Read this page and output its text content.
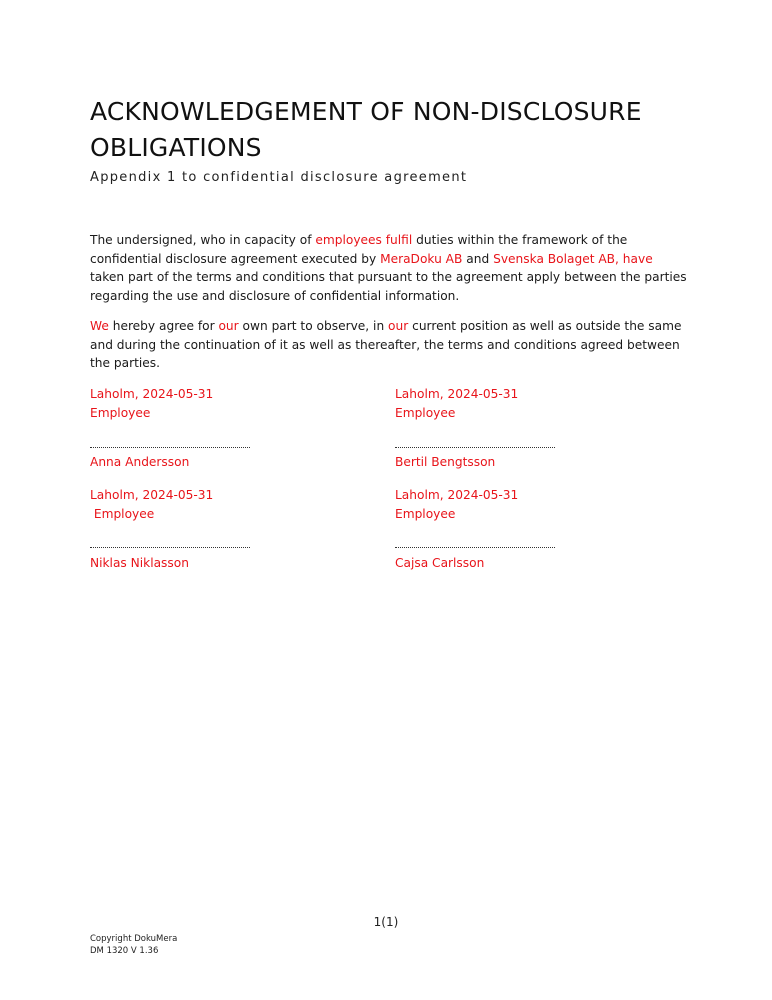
ACKNOWLEDGEMENT OF NON-DISCLOSURE OBLIGATIONS
Appendix 1 to confidential disclosure agreement

The undersigned, who in capacity of employees fulfil duties within the framework of the confidential disclosure agreement executed by MeraDoku AB and Svenska Bolaget AB, have taken part of the terms and conditions that pursuant to the agreement apply between the parties regarding the use and disclosure of confidential information.

We hereby agree for our own part to observe, in our current position as well as outside the same and during the continuation of it as well as thereafter, the terms and conditions agreed between the parties.

Laholm, 2024-05-31
Employee
Anna Andersson
Laholm, 2024-05-31
Employee
Bertil Bengtsson
Laholm, 2024-05-31
Employee
Niklas Niklasson
Laholm, 2024-05-31
Employee
Cajsa Carlsson
1(1)
Copyright DokuMera
DM 1320 V 1.36
